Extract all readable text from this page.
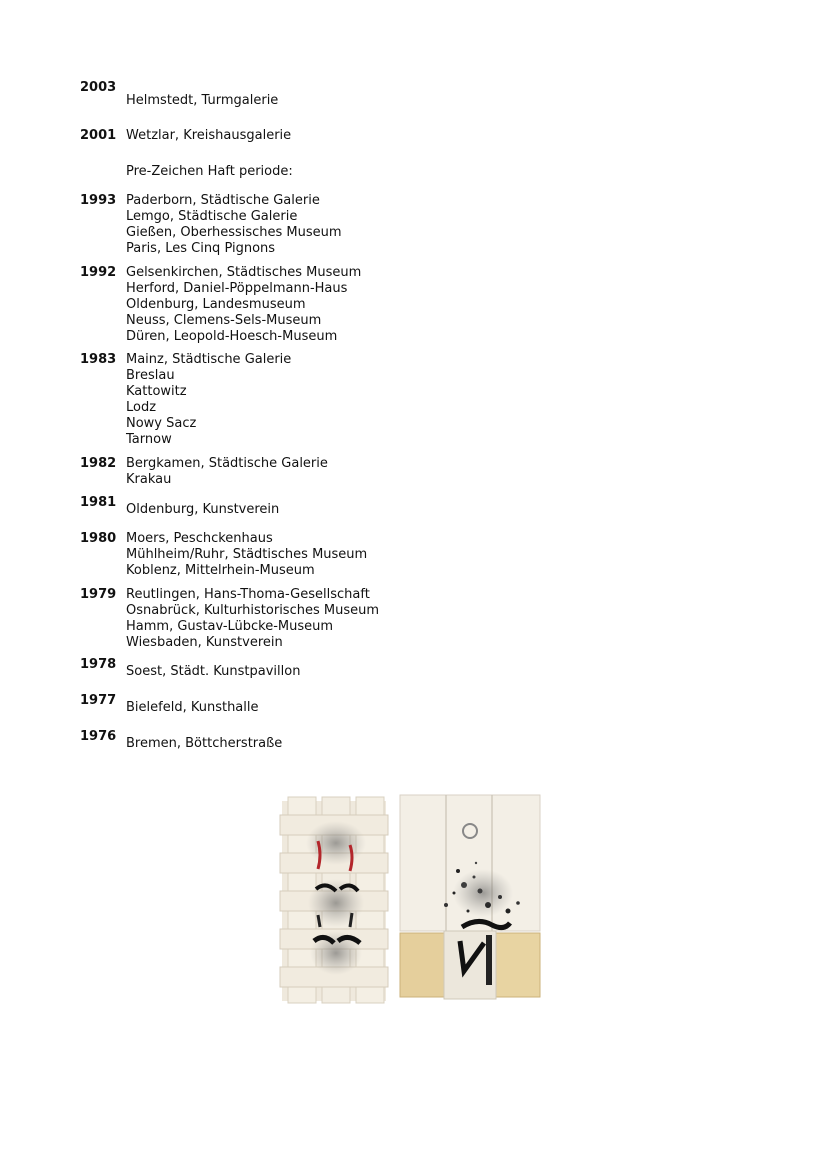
2003
Helmstedt, Turmgalerie
2001 Wetzlar, Kreishausgalerie
Pre-Zeichen Haft periode:
1993 Paderborn, Städtische Galerie
Lemgo, Städtische Galerie
Gießen, Oberhessisches Museum
Paris, Les Cinq Pignons
1992 Gelsenkirchen, Städtisches Museum
Herford, Daniel-Pöppelmann-Haus
Oldenburg, Landesmuseum
Neuss, Clemens-Sels-Museum
Düren, Leopold-Hoesch-Museum
1983 Mainz, Städtische Galerie
Breslau
Kattowitz
Lodz
Nowy Sacz
Tarnow
1982 Bergkamen, Städtische Galerie
Krakau
1981 Oldenburg, Kunstverein
1980 Moers, Peschckenhaus
Mühlheim/Ruhr, Städtisches Museum
Koblenz, Mittelrhein-Museum
1979 Reutlingen, Hans-Thoma-Gesellschaft
Osnabrück, Kulturhistorisches Museum
Hamm, Gustav-Lübcke-Museum
Wiesbaden, Kunstverein
1978 Soest, Städt. Kunstpavillon
1977 Bielefeld, Kunsthalle
1976 Bremen, Böttcherstraße
